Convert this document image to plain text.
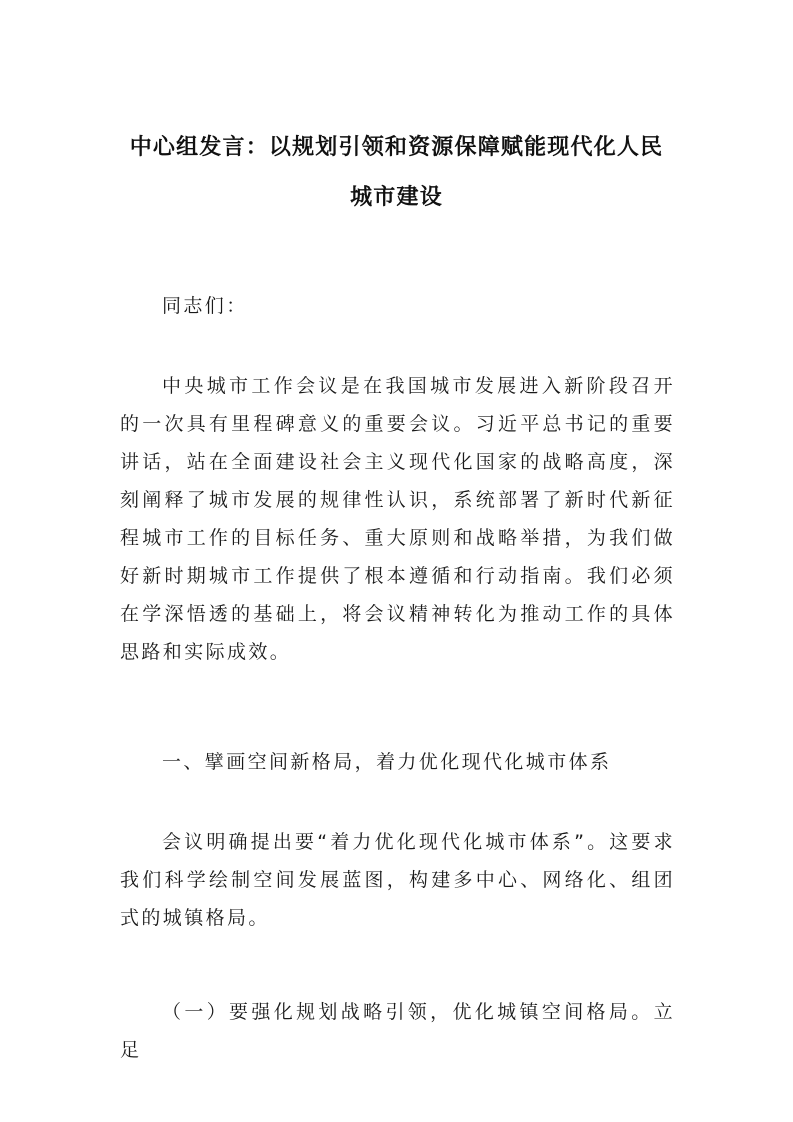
中心组发言：以规划引领和资源保障赋能现代化人民
城市建设

同志们：

中央城市工作会议是在我国城市发展进入新阶段召开的一次具有里程碑意义的重要会议。习近平总书记的重要讲话，站在全面建设社会主义现代化国家的战略高度，深刻阐释了城市发展的规律性认识，系统部署了新时代新征程城市工作的目标任务、重大原则和战略举措，为我们做好新时期城市工作提供了根本遵循和行动指南。我们必须在学深悟透的基础上，将会议精神转化为推动工作的具体思路和实际成效。

一、擘画空间新格局，着力优化现代化城市体系

会议明确提出要“着力优化现代化城市体系”。这要求我们科学绘制空间发展蓝图，构建多中心、网络化、组团式的城镇格局。

（一）要强化规划战略引领，优化城镇空间格局。立足
